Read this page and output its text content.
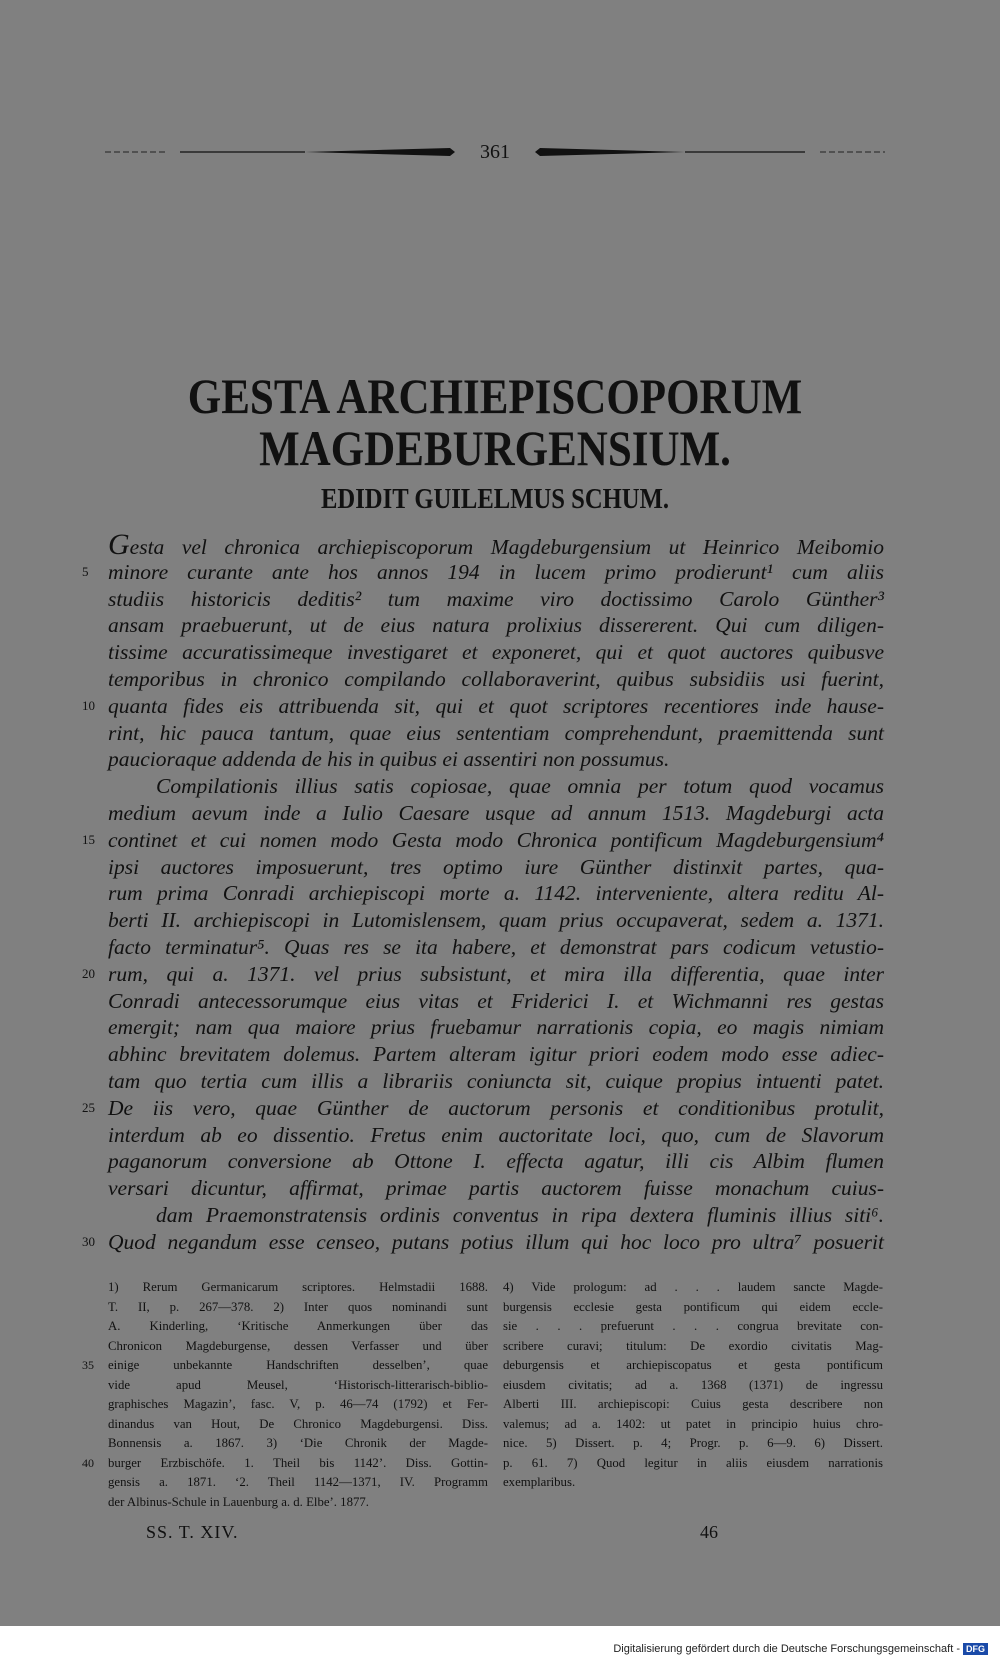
361
GESTA ARCHIEPISCOPORUM
MAGDEBURGENSIUM.
EDIDIT GUILELMUS SCHUM.
Gesta vel chronica archiepiscoporum Magdeburgensium ut Heinrico Meibomio
minore curante ante hos annos 194 in lucem primo prodierunt¹ cum aliis
5
studiis historicis deditis² tum maxime viro doctissimo Carolo Günther³
ansam praebuerunt, ut de eius natura prolixius dissererent. Qui cum diligen-
tissime accuratissimeque investigaret et exponeret, qui et quot auctores quibusve
temporibus in chronico compilando collaboraverint, quibus subsidiis usi fuerint,
quanta fides eis attribuenda sit, qui et quot scriptores recentiores inde hause-
10
rint, hic pauca tantum, quae eius sententiam comprehendunt, praemittenda sunt
paucioraque addenda de his in quibus ei assentiri non possumus.
Compilationis illius satis copiosae, quae omnia per totum quod vocamus
medium aevum inde a Iulio Caesare usque ad annum 1513. Magdeburgi acta
continet et cui nomen modo Gesta modo Chronica pontificum Magdeburgensium⁴
15
ipsi auctores imposuerunt, tres optimo iure Günther distinxit partes, qua-
rum prima Conradi archiepiscopi morte a. 1142. interveniente, altera reditu Al-
berti II. archiepiscopi in Lutomislensem, quam prius occupaverat, sedem a. 1371.
facto terminatur⁵. Quas res se ita habere, et demonstrat pars codicum vetustio-
rum, qui a. 1371. vel prius subsistunt, et mira illa differentia, quae inter
20
Conradi antecessorumque eius vitas et Friderici I. et Wichmanni res gestas
emergit; nam qua maiore prius fruebamur narrationis copia, eo magis nimiam
abhinc brevitatem dolemus. Partem alteram igitur priori eodem modo esse adiec-
tam quo tertia cum illis a librariis coniuncta sit, cuique propius intuenti patet.
De iis vero, quae Günther de auctorum personis et conditionibus protulit,
25
interdum ab eo dissentio. Fretus enim auctoritate loci, quo, cum de Slavorum
paganorum conversione ab Ottone I. effecta agatur, illi cis Albim flumen
versari dicuntur, affirmat, primae partis auctorem fuisse monachum cuius-
dam Praemonstratensis ordinis conventus in ripa dextera fluminis illius siti⁶.
Quod negandum esse censeo, putans potius illum qui hoc loco pro ultra⁷ posuerit
30
1) Rerum Germanicarum scriptores. Helmstadii 1688.
T. II, p. 267—378. 2) Inter quos nominandi sunt
A. Kinderling, ‘Kritische Anmerkungen über das
Chronicon Magdeburgense, dessen Verfasser und über
einige unbekannte Handschriften desselben’, quae
35
vide apud Meusel, ‘Historisch-litterarisch-biblio-
graphisches Magazin’, fasc. V, p. 46—74 (1792) et Fer-
dinandus van Hout, De Chronico Magdeburgensi. Diss.
Bonnensis a. 1867. 3) ‘Die Chronik der Magde-
burger Erzbischöfe. 1. Theil bis 1142’. Diss. Gottin-
40
gensis a. 1871. ‘2. Theil 1142—1371, IV. Programm
der Albinus-Schule in Lauenburg a. d. Elbe’. 1877.
4) Vide prologum: ad . . . laudem sancte Magde-
burgensis ecclesie gesta pontificum qui eidem eccle-
sie . . . prefuerunt . . . congrua brevitate con-
scribere curavi; titulum: De exordio civitatis Mag-
deburgensis et archiepiscopatus et gesta pontificum
eiusdem civitatis; ad a. 1368 (1371) de ingressu
Alberti III. archiepiscopi: Cuius gesta describere non
valemus; ad a. 1402: ut patet in principio huius chro-
nice. 5) Dissert. p. 4; Progr. p. 6—9. 6) Dissert.
p. 61. 7) Quod legitur in aliis eiusdem narrationis
exemplaribus.
SS. T. XIV.	46
Digitalisierung gefördert durch die Deutsche Forschungsgemeinschaft - DFG
